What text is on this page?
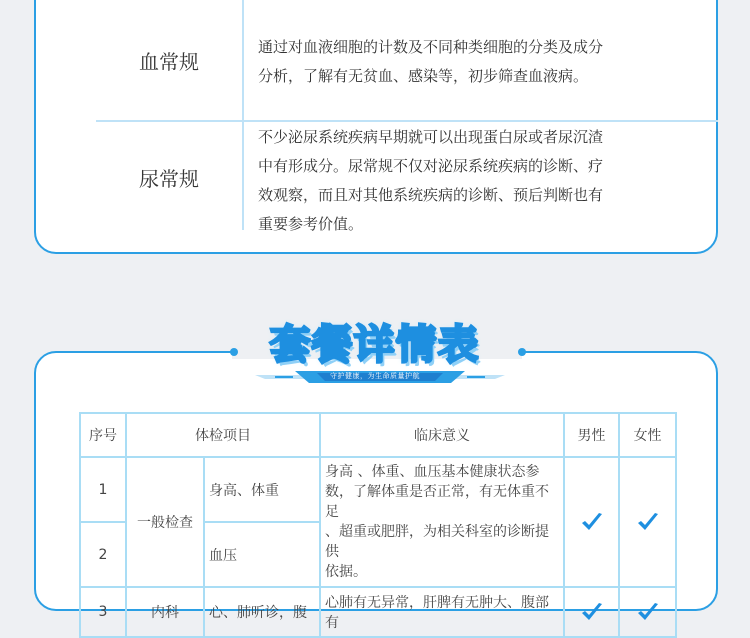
血常规
通过对血液细胞的计数及不同种类细胞的分类及成分
分析，了解有无贫血、感染等，初步筛查血液病。
尿常规
不少泌尿系统疾病早期就可以出现蛋白尿或者尿沉渣
中有形成分。尿常规不仅对泌尿系统疾病的诊断、疗
效观察，而且对其他系统疾病的诊断、预后判断也有
重要参考价值。
套餐详情表
守护健康，为生命质量护航
序号	体检项目		临床意义	男性	女性
1	一般检查	身高、体重	身高 、体重、血压基本健康状态参
数，了解体重是否正常，有无体重不足
、超重或肥胖，为相关科室的诊断提供
依据。

2		血压			
3	内科	心、肺听诊，腹	心肺有无异常，肝脾有无肿大、腹部有	
